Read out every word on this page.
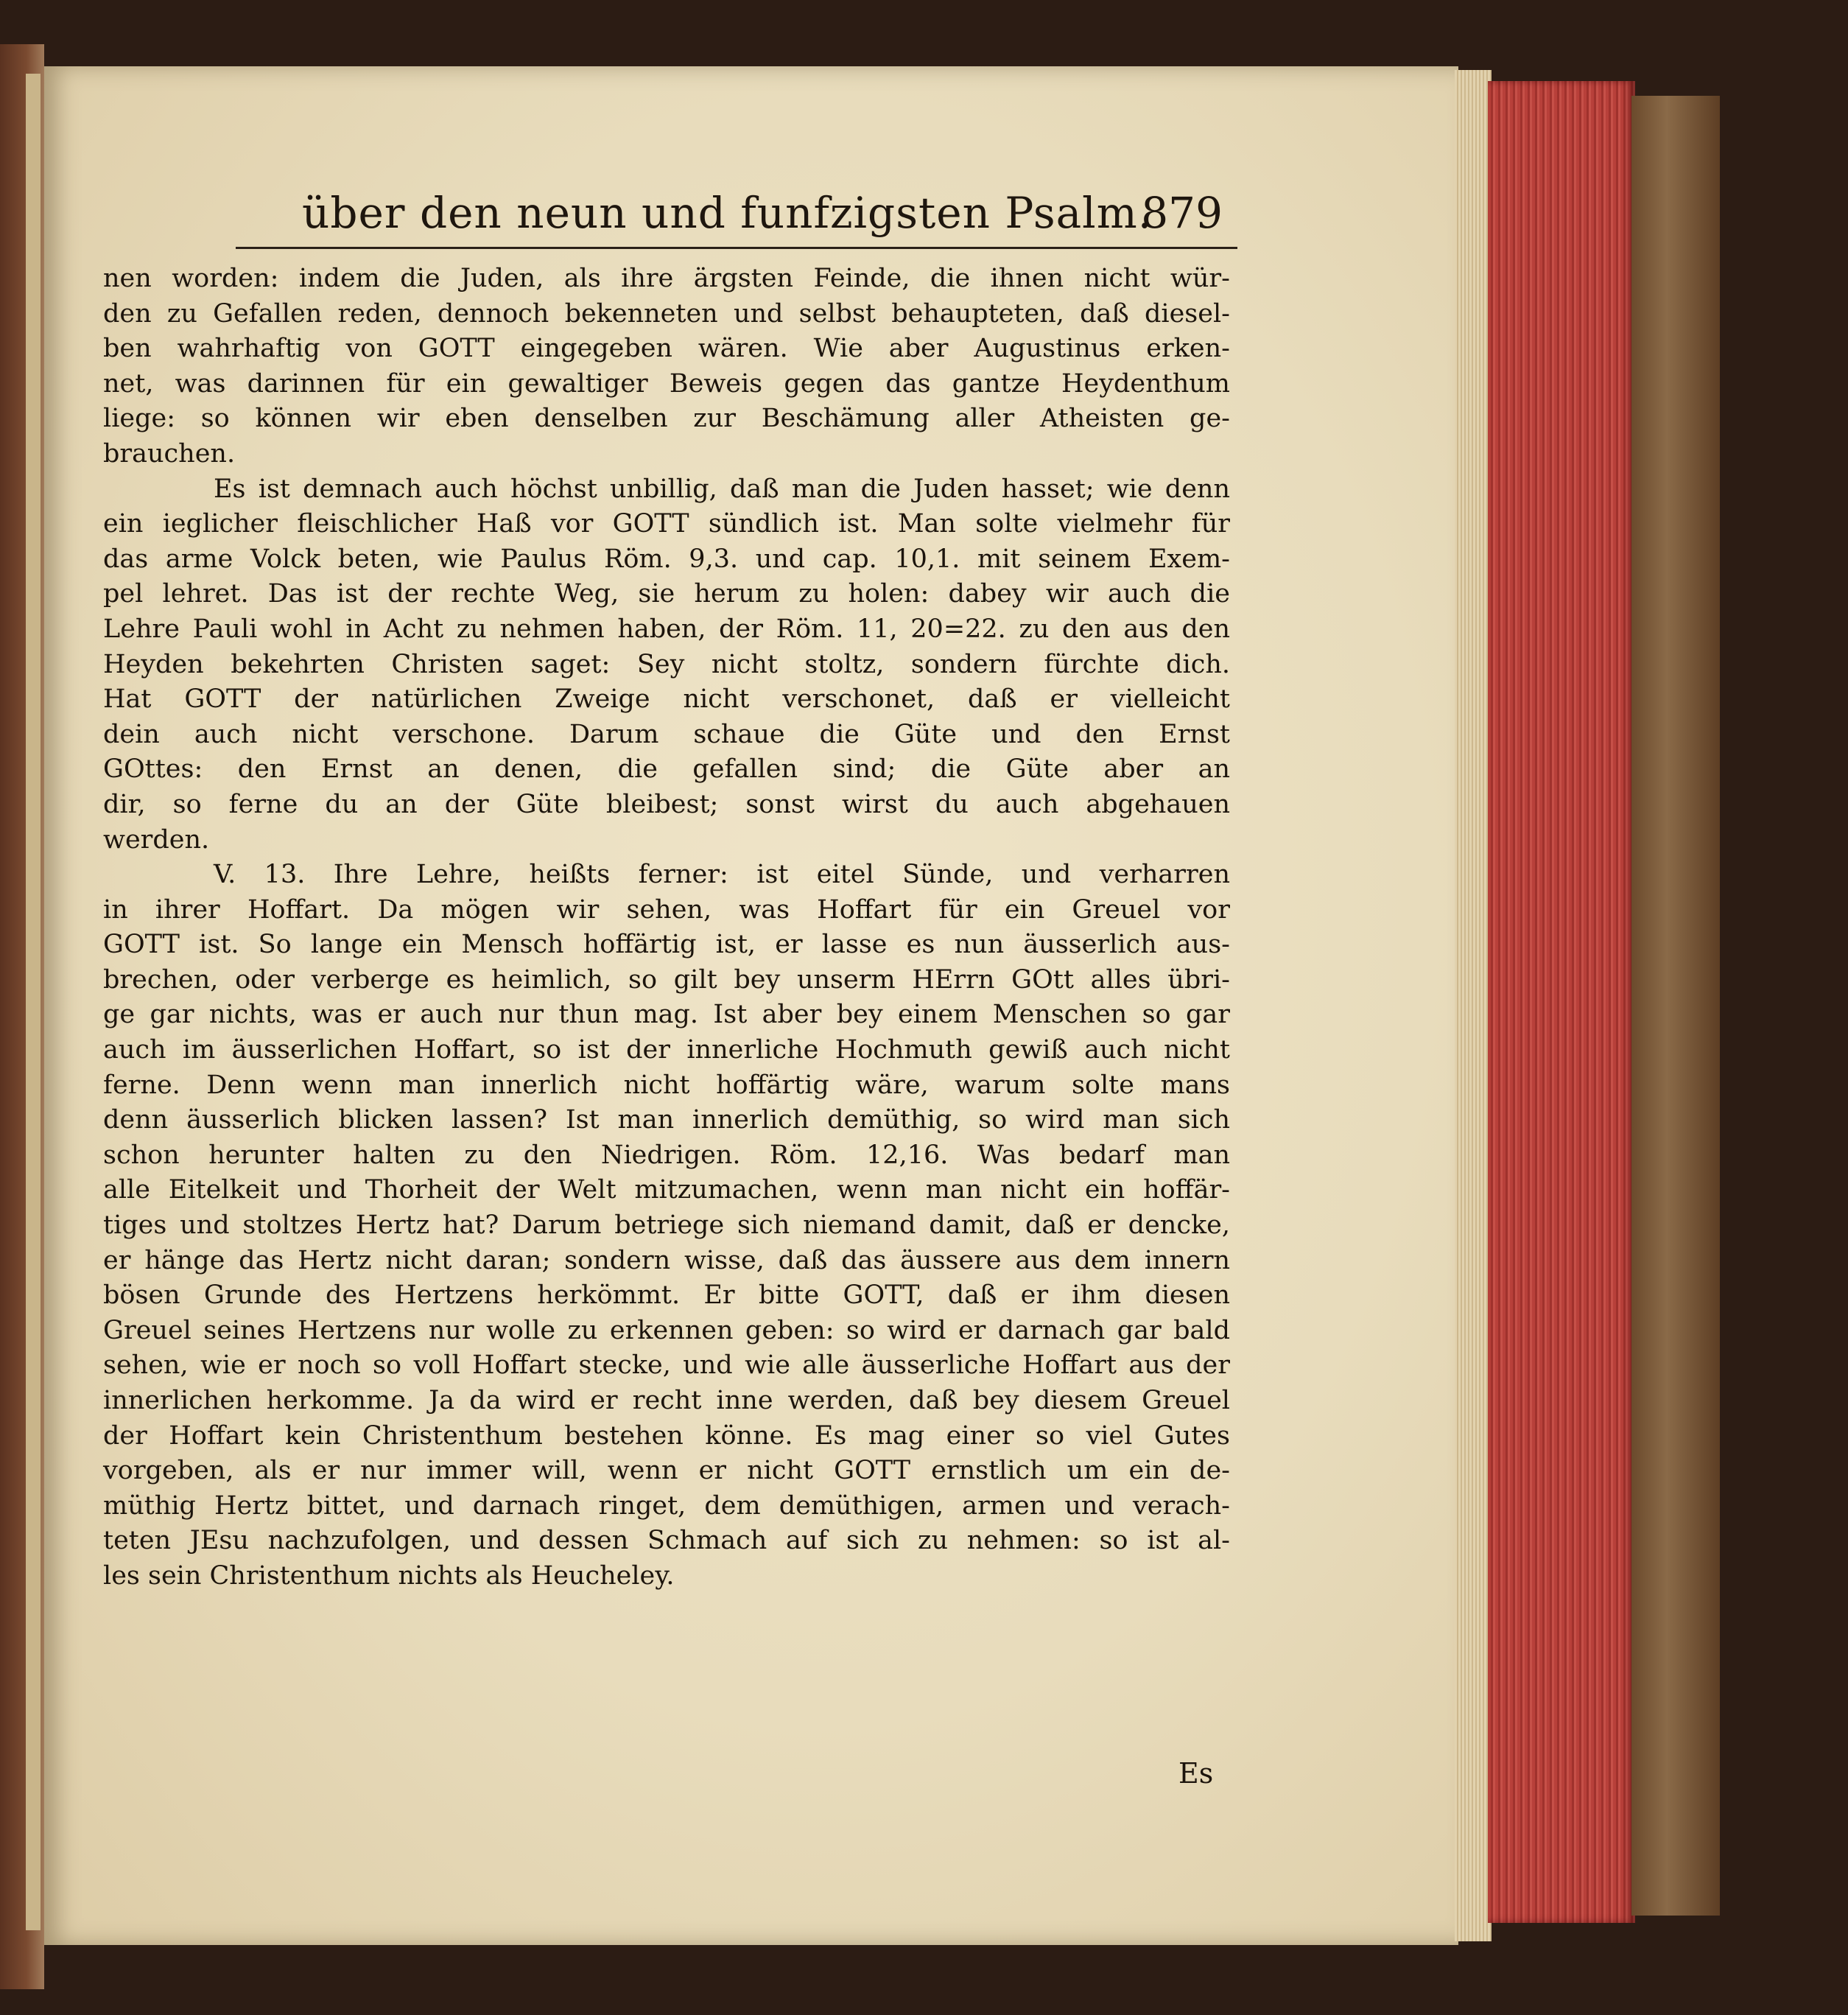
über den neun und funfzigsten Psalm.
879
nen worden: indem die Juden, als ihre ärgsten Feinde, die ihnen nicht wür-
den zu Gefallen reden, dennoch bekenneten und selbst behaupteten, daß diesel-
ben wahrhaftig von GOTT eingegeben wären. Wie aber Augustinus erken-
net, was darinnen für ein gewaltiger Beweis gegen das gantze Heydenthum
liege: so können wir eben denselben zur Beschämung aller Atheisten ge-
brauchen.
Es ist demnach auch höchst unbillig, daß man die Juden hasset; wie denn
ein ieglicher fleischlicher Haß vor GOTT sündlich ist. Man solte vielmehr für
das arme Volck beten, wie Paulus Röm. 9,3. und cap. 10,1. mit seinem Exem-
pel lehret. Das ist der rechte Weg, sie herum zu holen: dabey wir auch die
Lehre Pauli wohl in Acht zu nehmen haben, der Röm. 11, 20=22. zu den aus den
Heyden bekehrten Christen saget: Sey nicht stoltz, sondern fürchte dich.
Hat GOTT der natürlichen Zweige nicht verschonet, daß er vielleicht
dein auch nicht verschone. Darum schaue die Güte und den Ernst
GOttes: den Ernst an denen, die gefallen sind; die Güte aber an
dir, so ferne du an der Güte bleibest; sonst wirst du auch abgehauen
werden.
V. 13. Ihre Lehre, heißts ferner: ist eitel Sünde, und verharren
in ihrer Hoffart. Da mögen wir sehen, was Hoffart für ein Greuel vor
GOTT ist. So lange ein Mensch hoffärtig ist, er lasse es nun äusserlich aus-
brechen, oder verberge es heimlich, so gilt bey unserm HErrn GOtt alles übri-
ge gar nichts, was er auch nur thun mag. Ist aber bey einem Menschen so gar
auch im äusserlichen Hoffart, so ist der innerliche Hochmuth gewiß auch nicht
ferne. Denn wenn man innerlich nicht hoffärtig wäre, warum solte mans
denn äusserlich blicken lassen? Ist man innerlich demüthig, so wird man sich
schon herunter halten zu den Niedrigen. Röm. 12,16. Was bedarf man
alle Eitelkeit und Thorheit der Welt mitzumachen, wenn man nicht ein hoffär-
tiges und stoltzes Hertz hat? Darum betriege sich niemand damit, daß er dencke,
er hänge das Hertz nicht daran; sondern wisse, daß das äussere aus dem innern
bösen Grunde des Hertzens herkömmt. Er bitte GOTT, daß er ihm diesen
Greuel seines Hertzens nur wolle zu erkennen geben: so wird er darnach gar bald
sehen, wie er noch so voll Hoffart stecke, und wie alle äusserliche Hoffart aus der
innerlichen herkomme. Ja da wird er recht inne werden, daß bey diesem Greuel
der Hoffart kein Christenthum bestehen könne. Es mag einer so viel Gutes
vorgeben, als er nur immer will, wenn er nicht GOTT ernstlich um ein de-
müthig Hertz bittet, und darnach ringet, dem demüthigen, armen und verach-
teten JEsu nachzufolgen, und dessen Schmach auf sich zu nehmen: so ist al-
les sein Christenthum nichts als Heucheley.
Es
